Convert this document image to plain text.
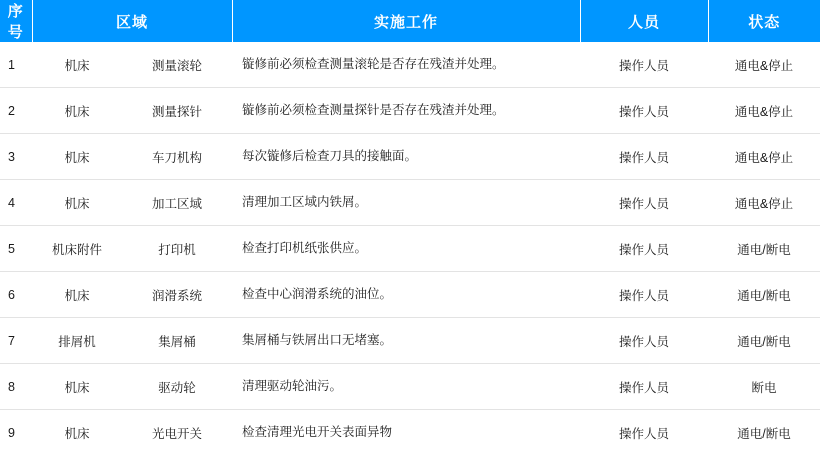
序号	区域		实施工作	人员	状态
1	机床	测量滚轮	镟修前必须检查测量滚轮是否存在残渣并处理。	操作人员	通电&停止
2	机床	测量探针	镟修前必须检查测量探针是否存在残渣并处理。	操作人员	通电&停止
3	机床	车刀机构	每次镟修后检查刀具的接触面。	操作人员	通电&停止
4	机床	加工区域	清理加工区域内铁屑。	操作人员	通电&停止
5	机床附件	打印机	检查打印机纸张供应。	操作人员	通电/断电
6	机床	润滑系统	检查中心润滑系统的油位。	操作人员	通电/断电
7	排屑机	集屑桶	集屑桶与铁屑出口无堵塞。	操作人员	通电/断电
8	机床	驱动轮	清理驱动轮油污。	操作人员	断电
9	机床	光电开关	检查清理光电开关表面异物	操作人员	通电/断电
